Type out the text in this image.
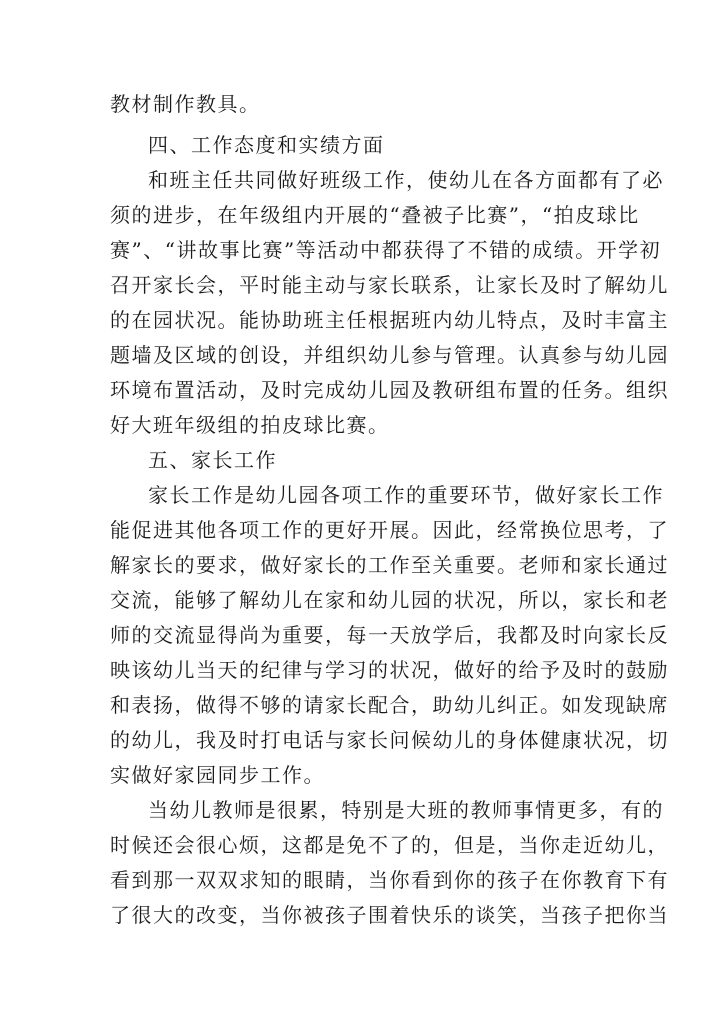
教材制作教具。
四、工作态度和实绩方面
和班主任共同做好班级工作，使幼儿在各方面都有了必
须的进步，在年级组内开展的“叠被子比赛”，“拍皮球比
赛”、“讲故事比赛”等活动中都获得了不错的成绩。开学初
召开家长会，平时能主动与家长联系，让家长及时了解幼儿
的在园状况。能协助班主任根据班内幼儿特点，及时丰富主
题墙及区域的创设，并组织幼儿参与管理。认真参与幼儿园
环境布置活动，及时完成幼儿园及教研组布置的任务。组织
好大班年级组的拍皮球比赛。
五、家长工作
家长工作是幼儿园各项工作的重要环节，做好家长工作
能促进其他各项工作的更好开展。因此，经常换位思考，了
解家长的要求，做好家长的工作至关重要。老师和家长通过
交流，能够了解幼儿在家和幼儿园的状况，所以，家长和老
师的交流显得尚为重要，每一天放学后，我都及时向家长反
映该幼儿当天的纪律与学习的状况，做好的给予及时的鼓励
和表扬，做得不够的请家长配合，助幼儿纠正。如发现缺席
的幼儿，我及时打电话与家长问候幼儿的身体健康状况，切
实做好家园同步工作。
当幼儿教师是很累，特别是大班的教师事情更多，有的
时候还会很心烦，这都是免不了的，但是，当你走近幼儿，
看到那一双双求知的眼睛，当你看到你的孩子在你教育下有
了很大的改变，当你被孩子围着快乐的谈笑，当孩子把你当
